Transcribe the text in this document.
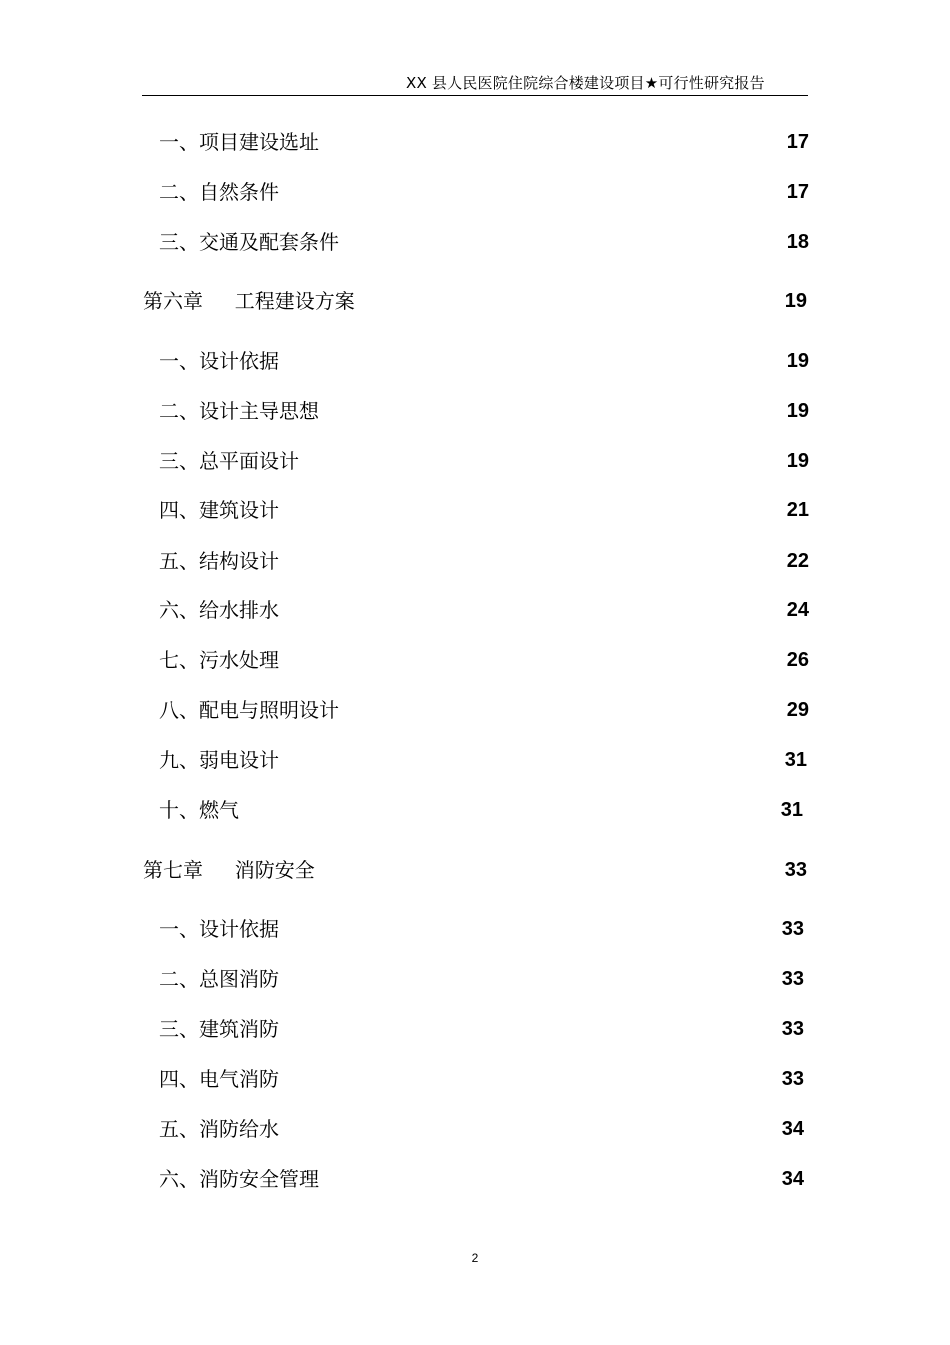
XX 县人民医院住院综合楼建设项目★可行性研究报告
一、项目建设选址	17
二、自然条件	17
三、交通及配套条件	18
第六章     工程建设方案	19
一、设计依据	19
二、设计主导思想	19
三、总平面设计	19
四、建筑设计	21
五、结构设计	22
六、给水排水	24
七、污水处理	26
八、配电与照明设计	29
九、弱电设计	31
十、燃气	31
第七章     消防安全	33
一、设计依据	33
二、总图消防	33
三、建筑消防	33
四、电气消防	33
五、消防给水	34
六、消防安全管理	34
2
